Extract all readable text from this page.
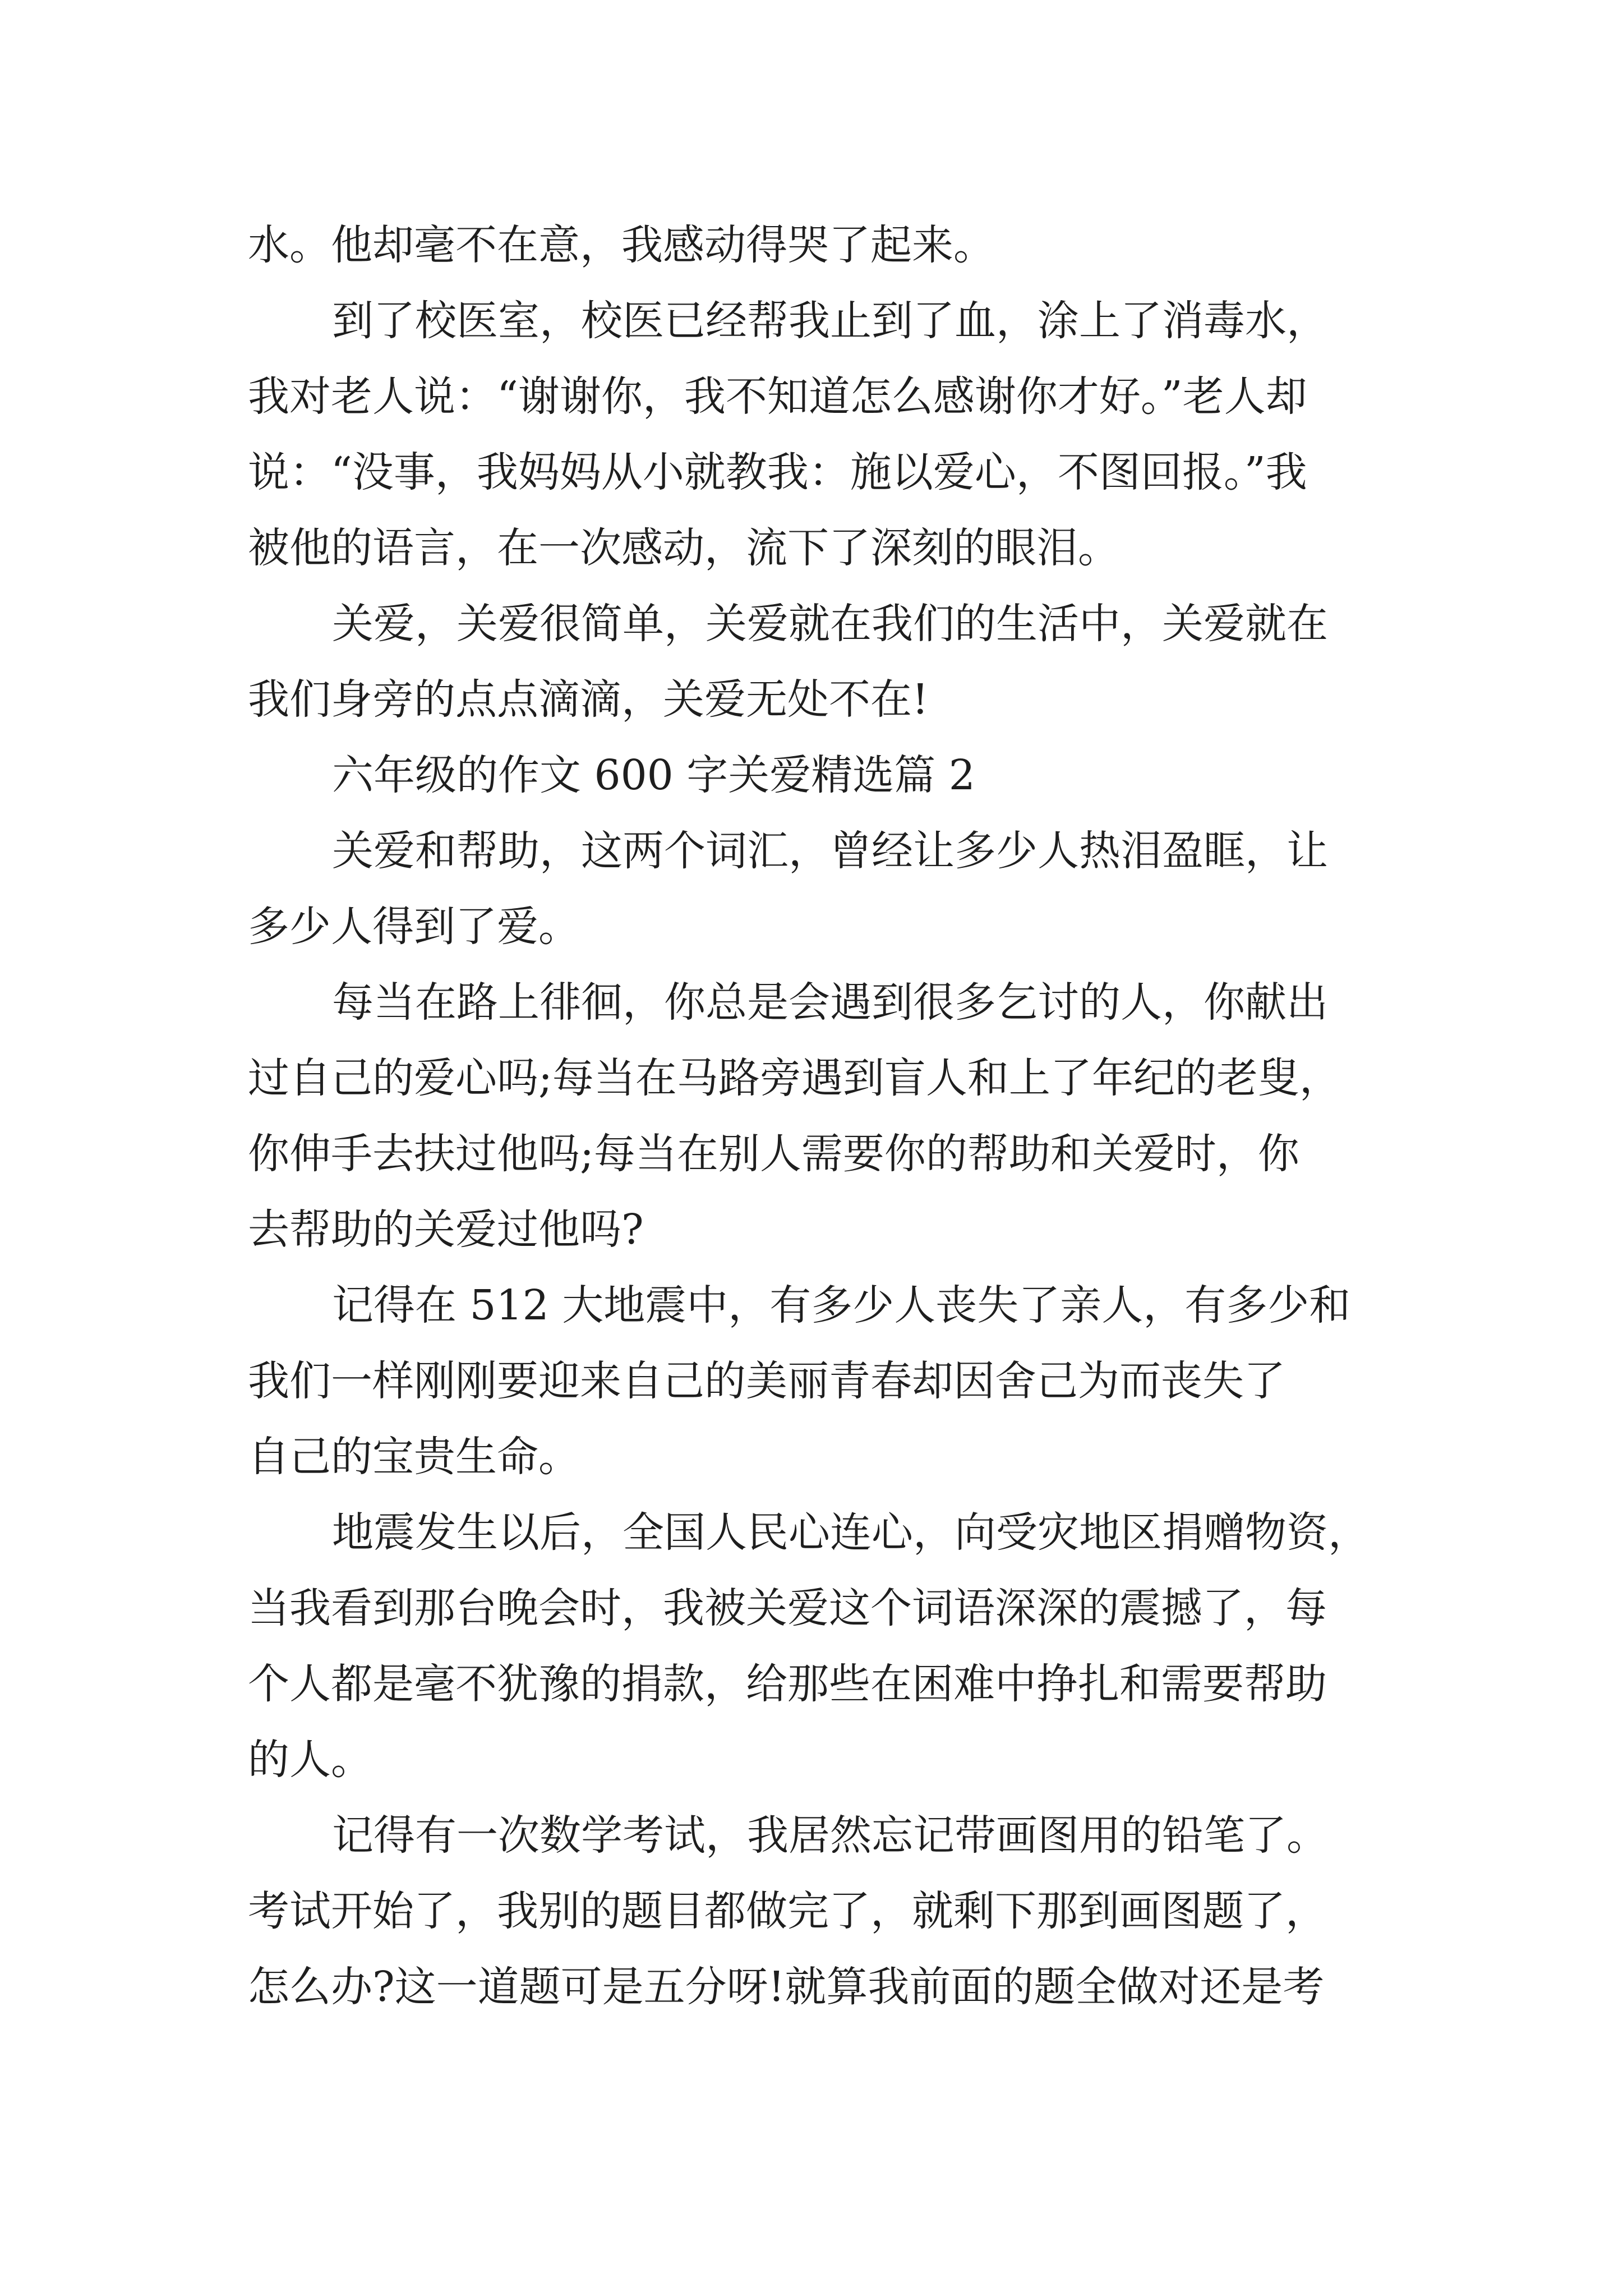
水。他却毫不在意，我感动得哭了起来。
到了校医室，校医已经帮我止到了血，涂上了消毒水，
我对老人说：“谢谢你，我不知道怎么感谢你才好。”老人却
说：“没事，我妈妈从小就教我：施以爱心，不图回报。”我
被他的语言，在一次感动，流下了深刻的眼泪。
关爱，关爱很简单，关爱就在我们的生活中，关爱就在
我们身旁的点点滴滴，关爱无处不在!
六年级的作文 600 字关爱精选篇 2
关爱和帮助，这两个词汇，曾经让多少人热泪盈眶，让
多少人得到了爱。
每当在路上徘徊，你总是会遇到很多乞讨的人，你献出
过自己的爱心吗;每当在马路旁遇到盲人和上了年纪的老叟，
你伸手去扶过他吗;每当在别人需要你的帮助和关爱时，你
去帮助的关爱过他吗?
记得在 512 大地震中，有多少人丧失了亲人，有多少和
我们一样刚刚要迎来自己的美丽青春却因舍己为而丧失了
自己的宝贵生命。
地震发生以后，全国人民心连心，向受灾地区捐赠物资，
当我看到那台晚会时，我被关爱这个词语深深的震撼了，每
个人都是毫不犹豫的捐款，给那些在困难中挣扎和需要帮助
的人。
记得有一次数学考试，我居然忘记带画图用的铅笔了。
考试开始了，我别的题目都做完了，就剩下那到画图题了，
怎么办?这一道题可是五分呀!就算我前面的题全做对还是考
